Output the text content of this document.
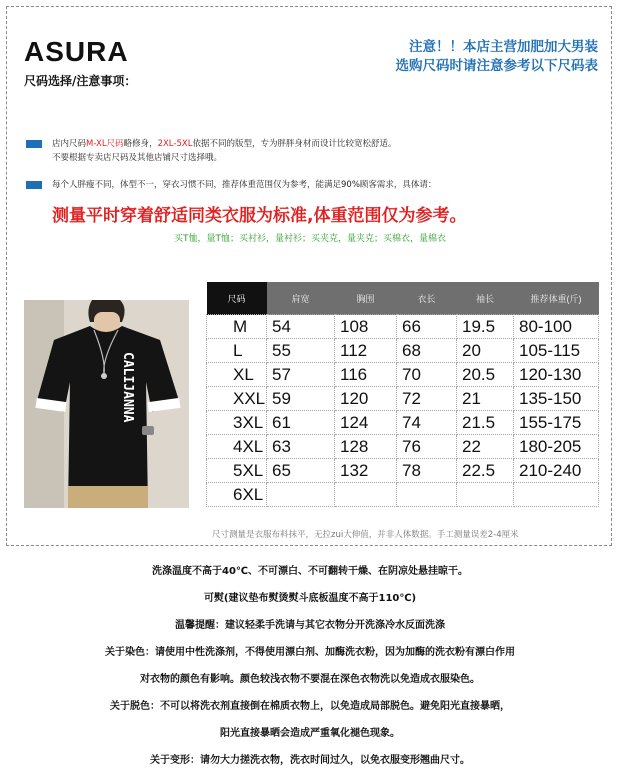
ASURA
尺码选择/注意事项：
注意！！本店主营加肥加大男装
选购尺码时请注意参考以下尺码表
店内尺码M-XL尺码略修身，2XL-5XL依据不同的版型，专为胖胖身材而设计比较宽松舒适。
不要根据专卖店尺码及其他店铺尺寸选择哦。
每个人胖瘦不同，体型不一，穿衣习惯不同，推荐体重范围仅为参考，能满足90%顾客需求，具体请：
测量平时穿着舒适同类衣服为标准,体重范围仅为参考。
买T恤，量T恤；买衬衫，量衬衫；买夹克，量夹克；买棉衣，量棉衣
CALIJANNA
尺码	肩宽	胸围	衣长	袖长	推荐体重(斤)
M	54	108	66	19.5	80-100
L	55	112	68	20	105-115
XL	57	116	70	20.5	120-130
XXL	59	120	72	21	135-150
3XL	61	124	74	21.5	155-175
4XL	63	128	76	22	180-205
5XL	65	132	78	22.5	210-240
6XL					
尺寸测量是衣服布料抹平，无拉zui大伸值，并非人体数据。手工测量误差2-4厘米
洗涤温度不高于40℃、不可漂白、不可翻转干燥、在阴凉处悬挂晾干。
可熨(建议垫布熨烫熨斗底板温度不高于110℃)
温馨提醒：建议轻柔手洗请与其它衣物分开洗涤冷水反面洗涤
关于染色：请使用中性洗涤剂，不得使用漂白剂、加酶洗衣粉，因为加酶的洗衣粉有漂白作用
对衣物的颜色有影响。颜色较浅衣物不要混在深色衣物洗以免造成衣服染色。
关于脱色：不可以将洗衣剂直接倒在棉质衣物上，以免造成局部脱色。避免阳光直接暴晒，
阳光直接暴晒会造成严重氧化褪色现象。
关于变形：请勿大力搓洗衣物，洗衣时间过久，以免衣服变形翘曲尺寸。
